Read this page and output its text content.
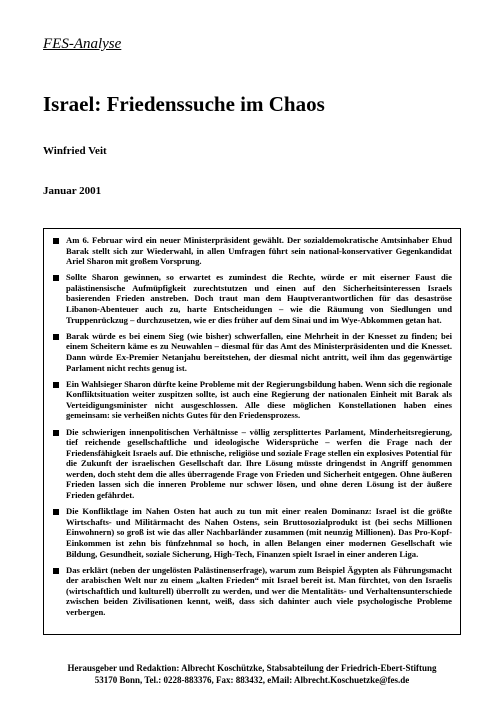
FES-Analyse
Israel: Friedenssuche im Chaos
Winfried Veit
Januar 2001
Am 6. Februar wird ein neuer Ministerpräsident gewählt. Der sozialdemokratische Amtsinhaber Ehud Barak stellt sich zur Wiederwahl, in allen Umfragen führt sein national-konservativer Gegenkandidat Ariel Sharon mit großem Vorsprung.
Sollte Sharon gewinnen, so erwartet es zumindest die Rechte, würde er mit eiserner Faust die palästinensische Aufmüpfigkeit zurechtstutzen und einen auf den Sicherheitsinteressen Israels basierenden Frieden anstreben. Doch traut man dem Hauptverantwortlichen für das desaströse Libanon-Abenteuer auch zu, harte Entscheidungen – wie die Räumung von Siedlungen und Truppenrückzug – durchzusetzen, wie er dies früher auf dem Sinai und im Wye-Abkommen getan hat.
Barak würde es bei einem Sieg (wie bisher) schwerfallen, eine Mehrheit in der Knesset zu finden; bei einem Scheitern käme es zu Neuwahlen – diesmal für das Amt des Ministerpräsidenten und die Knesset. Dann würde Ex-Premier Netanjahu bereitstehen, der diesmal nicht antritt, weil ihm das gegenwärtige Parlament nicht rechts genug ist.
Ein Wahlsieger Sharon dürfte keine Probleme mit der Regierungsbildung haben. Wenn sich die regionale Konfliktsituation weiter zuspitzen sollte, ist auch eine Regierung der nationalen Einheit mit Barak als Verteidigungsminister nicht ausgeschlossen. Alle diese möglichen Konstellationen haben eines gemeinsam: sie verheißen nichts Gutes für den Friedensprozess.
Die schwierigen innenpolitischen Verhältnisse – völlig zersplittertes Parlament, Minderheitsregierung, tief reichende gesellschaftliche und ideologische Widersprüche – werfen die Frage nach der Friedensfähigkeit Israels auf. Die ethnische, religiöse und soziale Frage stellen ein explosives Potential für die Zukunft der israelischen Gesellschaft dar. Ihre Lösung müsste dringendst in Angriff genommen werden, doch steht dem die alles überragende Frage von Frieden und Sicherheit entgegen. Ohne äußeren Frieden lassen sich die inneren Probleme nur schwer lösen, und ohne deren Lösung ist der äußere Frieden gefährdet.
Die Konfliktlage im Nahen Osten hat auch zu tun mit einer realen Dominanz: Israel ist die größte Wirtschafts- und Militärmacht des Nahen Ostens, sein Bruttosozialprodukt ist (bei sechs Millionen Einwohnern) so groß ist wie das aller Nachbarländer zusammen (mit neunzig Millionen). Das Pro-Kopf-Einkommen ist zehn bis fünfzehnmal so hoch, in allen Belangen einer modernen Gesellschaft wie Bildung, Gesundheit, soziale Sicherung, High-Tech, Finanzen spielt Israel in einer anderen Liga.
Das erklärt (neben der ungelösten Palästinenserfrage), warum zum Beispiel Ägypten als Führungsmacht der arabischen Welt nur zu einem „kalten Frieden“ mit Israel bereit ist. Man fürchtet, von den Israelis (wirtschaftlich und kulturell) überrollt zu werden, und wer die Mentalitäts- und Verhaltensunterschiede zwischen beiden Zivilisationen kennt, weiß, dass sich dahinter auch viele psychologische Probleme verbergen.
Herausgeber und Redaktion: Albrecht Koschützke, Stabsabteilung der Friedrich-Ebert-Stiftung
53170 Bonn, Tel.: 0228-883376, Fax: 883432, eMail: Albrecht.Koschuetzke@fes.de
